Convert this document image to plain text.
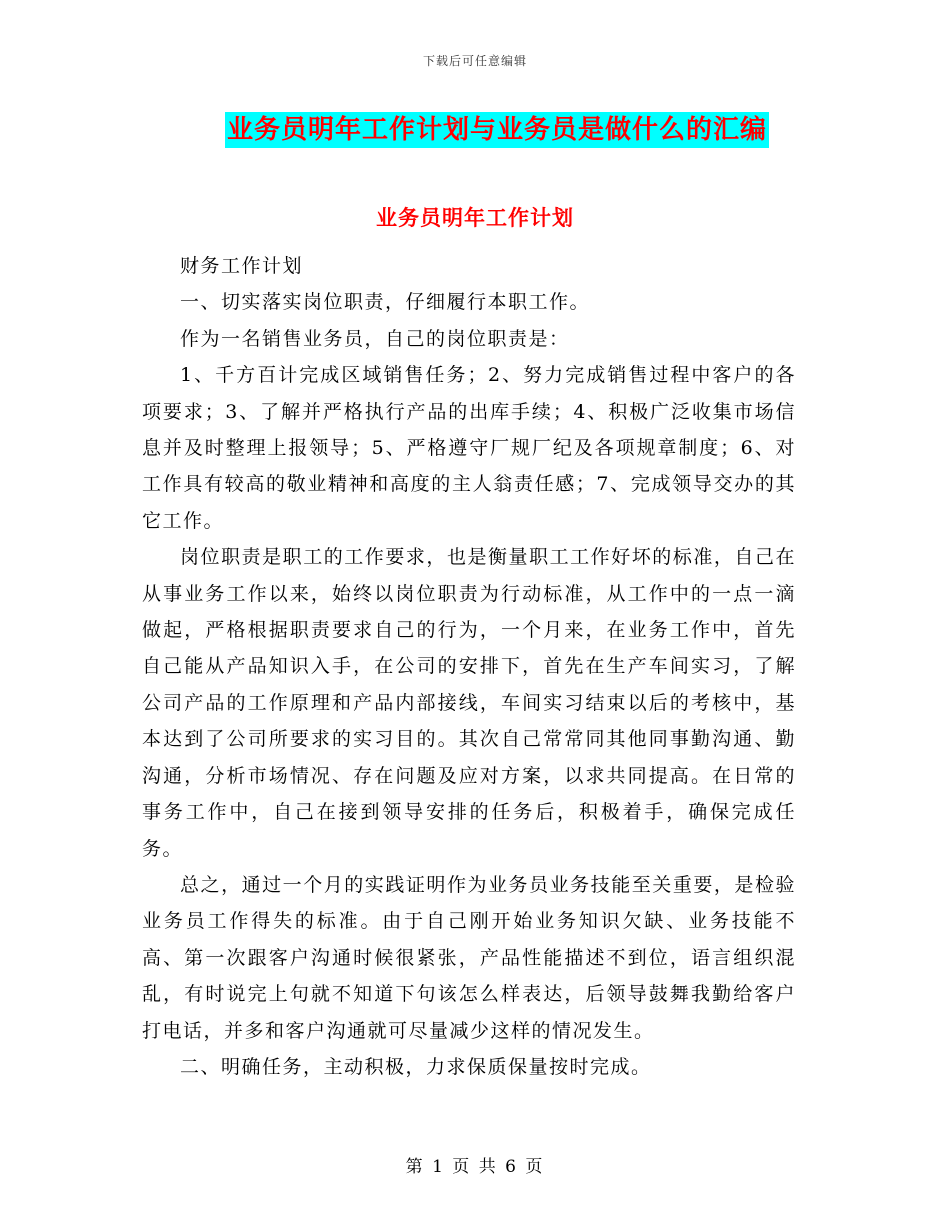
下载后可任意编辑
业务员明年工作计划与业务员是做什么的汇编
业务员明年工作计划

财务工作计划

一、切实落实岗位职责，仔细履行本职工作。

作为一名销售业务员，自己的岗位职责是：

1、千方百计完成区域销售任务；2、努力完成销售过程中客户的各项要求；3、了解并严格执行产品的出库手续；4、积极广泛收集市场信息并及时整理上报领导；5、严格遵守厂规厂纪及各项规章制度；6、对工作具有较高的敬业精神和高度的主人翁责任感；7、完成领导交办的其它工作。

岗位职责是职工的工作要求，也是衡量职工工作好坏的标准，自己在从事业务工作以来，始终以岗位职责为行动标准，从工作中的一点一滴做起，严格根据职责要求自己的行为，一个月来，在业务工作中，首先自己能从产品知识入手，在公司的安排下，首先在生产车间实习，了解公司产品的工作原理和产品内部接线，车间实习结束以后的考核中，基本达到了公司所要求的实习目的。其次自己常常同其他同事勤沟通、勤沟通，分析市场情况、存在问题及应对方案，以求共同提高。在日常的事务工作中，自己在接到领导安排的任务后，积极着手，确保完成任务。

总之，通过一个月的实践证明作为业务员业务技能至关重要，是检验业务员工作得失的标准。由于自己刚开始业务知识欠缺、业务技能不高、第一次跟客户沟通时候很紧张，产品性能描述不到位，语言组织混乱，有时说完上句就不知道下句该怎么样表达，后领导鼓舞我勤给客户打电话，并多和客户沟通就可尽量减少这样的情况发生。

二、明确任务，主动积极，力求保质保量按时完成。

第 1 页 共 6 页
